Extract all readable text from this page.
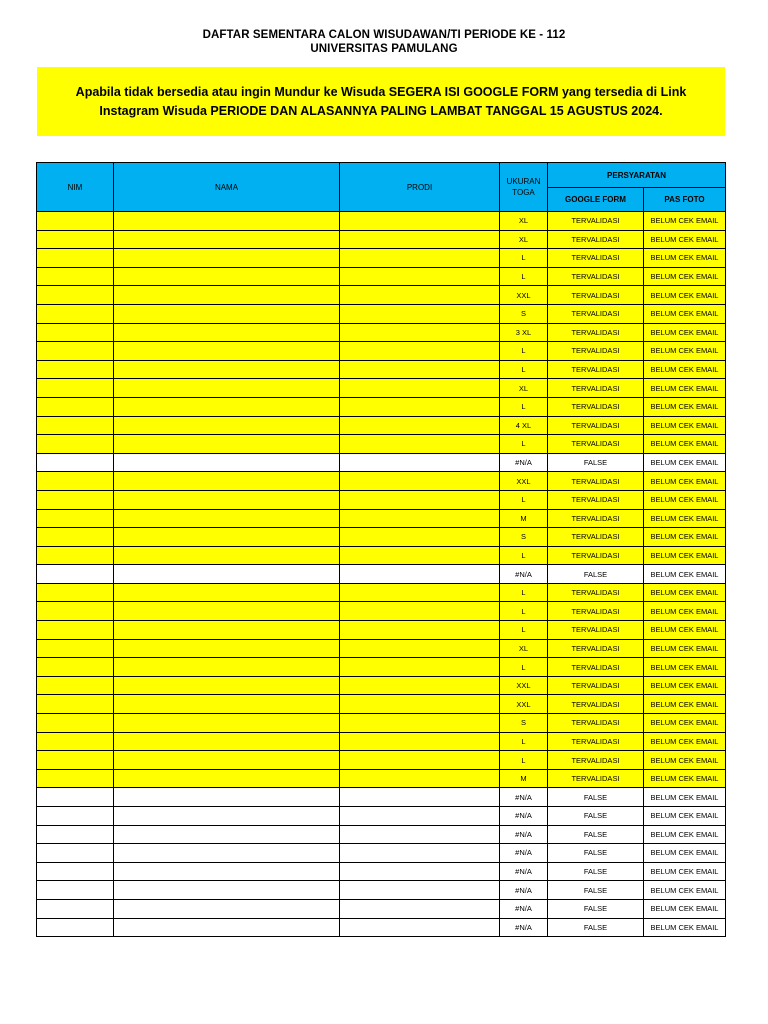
DAFTAR SEMENTARA CALON WISUDAWAN/TI PERIODE KE - 112
UNIVERSITAS PAMULANG
Apabila tidak bersedia atau ingin Mundur ke Wisuda SEGERA ISI GOOGLE FORM yang tersedia di Link
Instagram Wisuda PERIODE DAN ALASANNYA PALING LAMBAT TANGGAL 15 AGUSTUS 2024.
NIM	NAMA	PRODI	UKURAN TOGA	PERSYARATAN	
				GOOGLE FORM	PAS FOTO
			XL	TERVALIDASI	BELUM CEK EMAIL
			XL	TERVALIDASI	BELUM CEK EMAIL
			L	TERVALIDASI	BELUM CEK EMAIL
			L	TERVALIDASI	BELUM CEK EMAIL
			XXL	TERVALIDASI	BELUM CEK EMAIL
			S	TERVALIDASI	BELUM CEK EMAIL
			3 XL	TERVALIDASI	BELUM CEK EMAIL
			L	TERVALIDASI	BELUM CEK EMAIL
			L	TERVALIDASI	BELUM CEK EMAIL
			XL	TERVALIDASI	BELUM CEK EMAIL
			L	TERVALIDASI	BELUM CEK EMAIL
			4 XL	TERVALIDASI	BELUM CEK EMAIL
			L	TERVALIDASI	BELUM CEK EMAIL
			#N/A	FALSE	BELUM CEK EMAIL
			XXL	TERVALIDASI	BELUM CEK EMAIL
			L	TERVALIDASI	BELUM CEK EMAIL
			M	TERVALIDASI	BELUM CEK EMAIL
			S	TERVALIDASI	BELUM CEK EMAIL
			L	TERVALIDASI	BELUM CEK EMAIL
			#N/A	FALSE	BELUM CEK EMAIL
			L	TERVALIDASI	BELUM CEK EMAIL
			L	TERVALIDASI	BELUM CEK EMAIL
			L	TERVALIDASI	BELUM CEK EMAIL
			XL	TERVALIDASI	BELUM CEK EMAIL
			L	TERVALIDASI	BELUM CEK EMAIL
			XXL	TERVALIDASI	BELUM CEK EMAIL
			XXL	TERVALIDASI	BELUM CEK EMAIL
			S	TERVALIDASI	BELUM CEK EMAIL
			L	TERVALIDASI	BELUM CEK EMAIL
			L	TERVALIDASI	BELUM CEK EMAIL
			M	TERVALIDASI	BELUM CEK EMAIL
			#N/A	FALSE	BELUM CEK EMAIL
			#N/A	FALSE	BELUM CEK EMAIL
			#N/A	FALSE	BELUM CEK EMAIL
			#N/A	FALSE	BELUM CEK EMAIL
			#N/A	FALSE	BELUM CEK EMAIL
			#N/A	FALSE	BELUM CEK EMAIL
			#N/A	FALSE	BELUM CEK EMAIL
			#N/A	FALSE	BELUM CEK EMAIL
